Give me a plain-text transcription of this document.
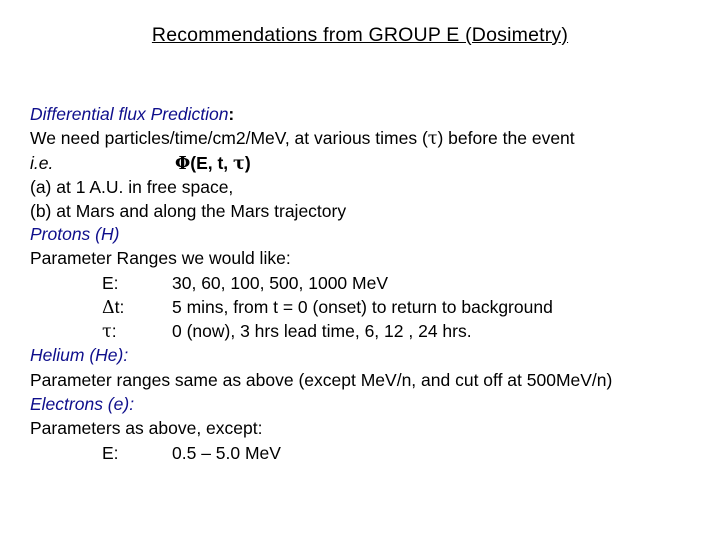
Recommendations from GROUP E (Dosimetry)
Differential flux Prediction:
We need particles/time/cm2/MeV, at various times (τ) before the event
i.e.	Φ(E, t, τ)
(a) at 1 A.U. in free space,
(b) at Mars and along the Mars trajectory
Protons (H)
Parameter Ranges we would like:
E:	30, 60, 100, 500, 1000 MeV
Δt:	5 mins, from t = 0 (onset) to return to background
τ:	0 (now), 3 hrs lead time, 6, 12 , 24 hrs.
Helium (He):
Parameter ranges same as above (except MeV/n, and cut off at 500MeV/n)
Electrons (e):
Parameters as above, except:
E:	0.5 – 5.0 MeV
